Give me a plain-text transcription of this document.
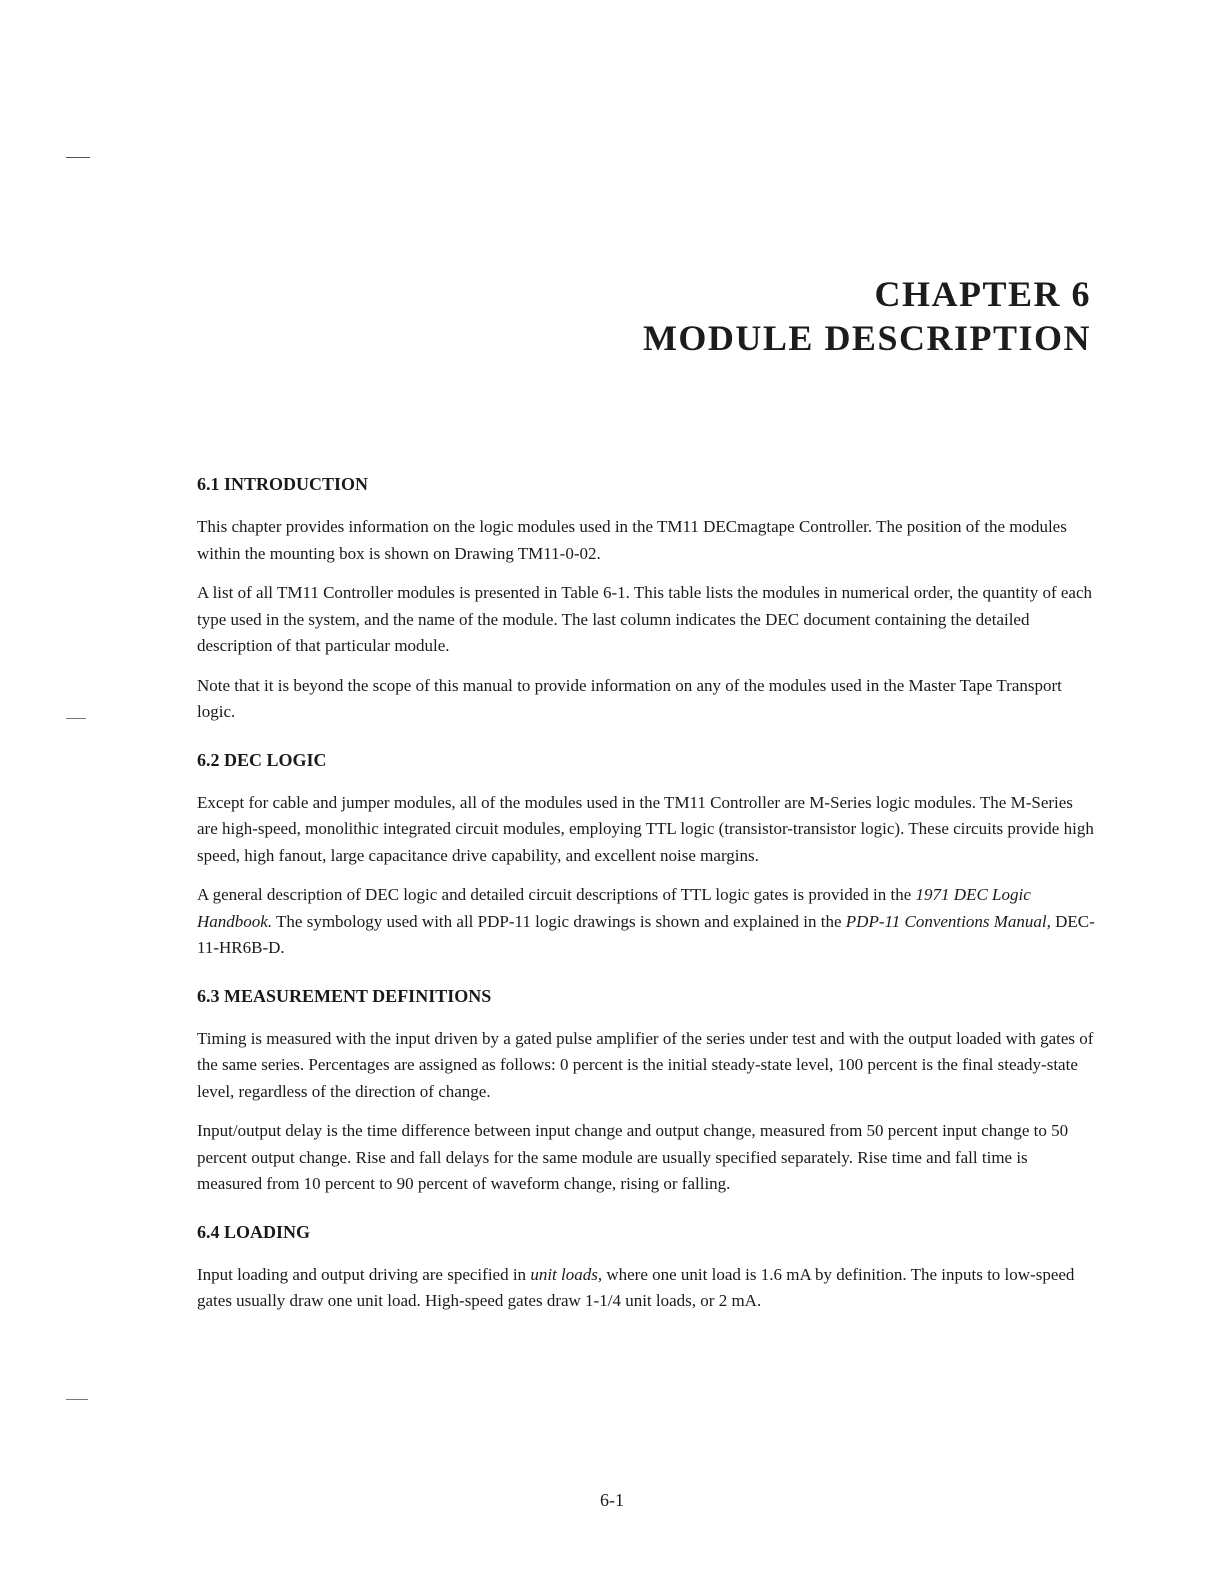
CHAPTER 6
MODULE DESCRIPTION
6.1 INTRODUCTION

This chapter provides information on the logic modules used in the TM11 DECmagtape Controller. The position of the modules within the mounting box is shown on Drawing TM11-0-02.

A list of all TM11 Controller modules is presented in Table 6-1. This table lists the modules in numerical order, the quantity of each type used in the system, and the name of the module. The last column indicates the DEC document containing the detailed description of that particular module.

Note that it is beyond the scope of this manual to provide information on any of the modules used in the Master Tape Transport logic.

6.2 DEC LOGIC

Except for cable and jumper modules, all of the modules used in the TM11 Controller are M-Series logic modules. The M-Series are high-speed, monolithic integrated circuit modules, employing TTL logic (transistor-transistor logic). These circuits provide high speed, high fanout, large capacitance drive capability, and excellent noise margins.

A general description of DEC logic and detailed circuit descriptions of TTL logic gates is provided in the 1971 DEC Logic Handbook. The symbology used with all PDP-11 logic drawings is shown and explained in the PDP-11 Conventions Manual, DEC-11-HR6B-D.

6.3 MEASUREMENT DEFINITIONS

Timing is measured with the input driven by a gated pulse amplifier of the series under test and with the output loaded with gates of the same series. Percentages are assigned as follows: 0 percent is the initial steady-state level, 100 percent is the final steady-state level, regardless of the direction of change.

Input/output delay is the time difference between input change and output change, measured from 50 percent input change to 50 percent output change. Rise and fall delays for the same module are usually specified separately. Rise time and fall time is measured from 10 percent to 90 percent of waveform change, rising or falling.

6.4 LOADING

Input loading and output driving are specified in unit loads, where one unit load is 1.6 mA by definition. The inputs to low-speed gates usually draw one unit load. High-speed gates draw 1-1/4 unit loads, or 2 mA.

6-1
